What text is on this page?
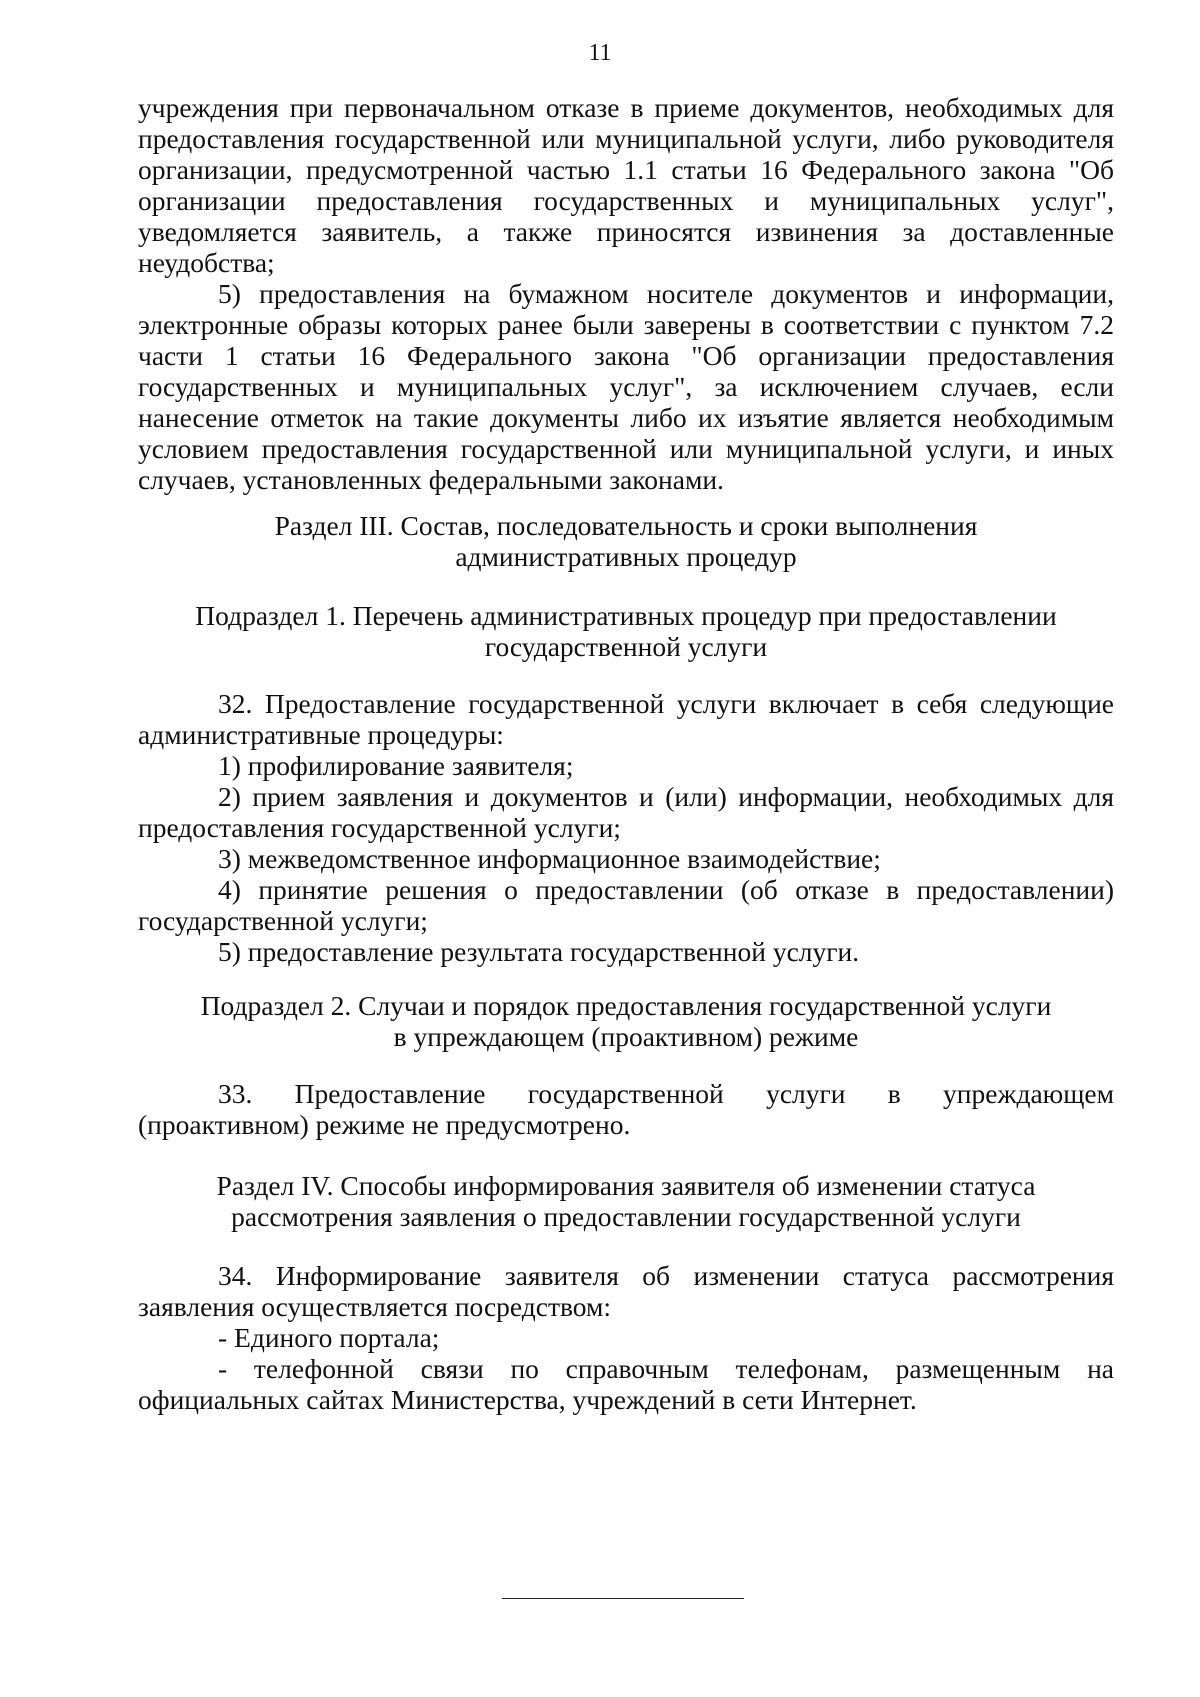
11

учреждения при первоначальном отказе в приеме документов, необходимых для предоставления государственной или муниципальной услуги, либо руководителя организации, предусмотренной частью 1.1 статьи 16 Федерального закона "Об организации предоставления государственных и муниципальных услуг", уведомляется заявитель, а также приносятся извинения за доставленные неудобства;

5) предоставления на бумажном носителе документов и информации, электронные образы которых ранее были заверены в соответствии с пунктом 7.2 части 1 статьи 16 Федерального закона "Об организации предоставления государственных и муниципальных услуг", за исключением случаев, если нанесение отметок на такие документы либо их изъятие является необходимым условием предоставления государственной или муниципальной услуги, и иных случаев, установленных федеральными законами.

Раздел III. Состав, последовательность и сроки выполнения

административных процедур

Подраздел 1. Перечень административных процедур при предоставлении

государственной услуги

32. Предоставление государственной услуги включает в себя следующие административные процедуры:

1) профилирование заявителя;

2) прием заявления и документов и (или) информации, необходимых для предоставления государственной услуги;

3) межведомственное информационное взаимодействие;

4) принятие решения о предоставлении (об отказе в предоставлении) государственной услуги;

5) предоставление результата государственной услуги.

Подраздел 2. Случаи и порядок предоставления государственной услуги

в упреждающем (проактивном) режиме

33. Предоставление государственной услуги в упреждающем (проактивном) режиме не предусмотрено.

Раздел IV. Способы информирования заявителя об изменении статуса

рассмотрения заявления о предоставлении государственной услуги

34. Информирование заявителя об изменении статуса рассмотрения заявления осуществляется посредством:

- Единого портала;

- телефонной связи по справочным телефонам, размещенным на официальных сайтах Министерства, учреждений в сети Интернет.
